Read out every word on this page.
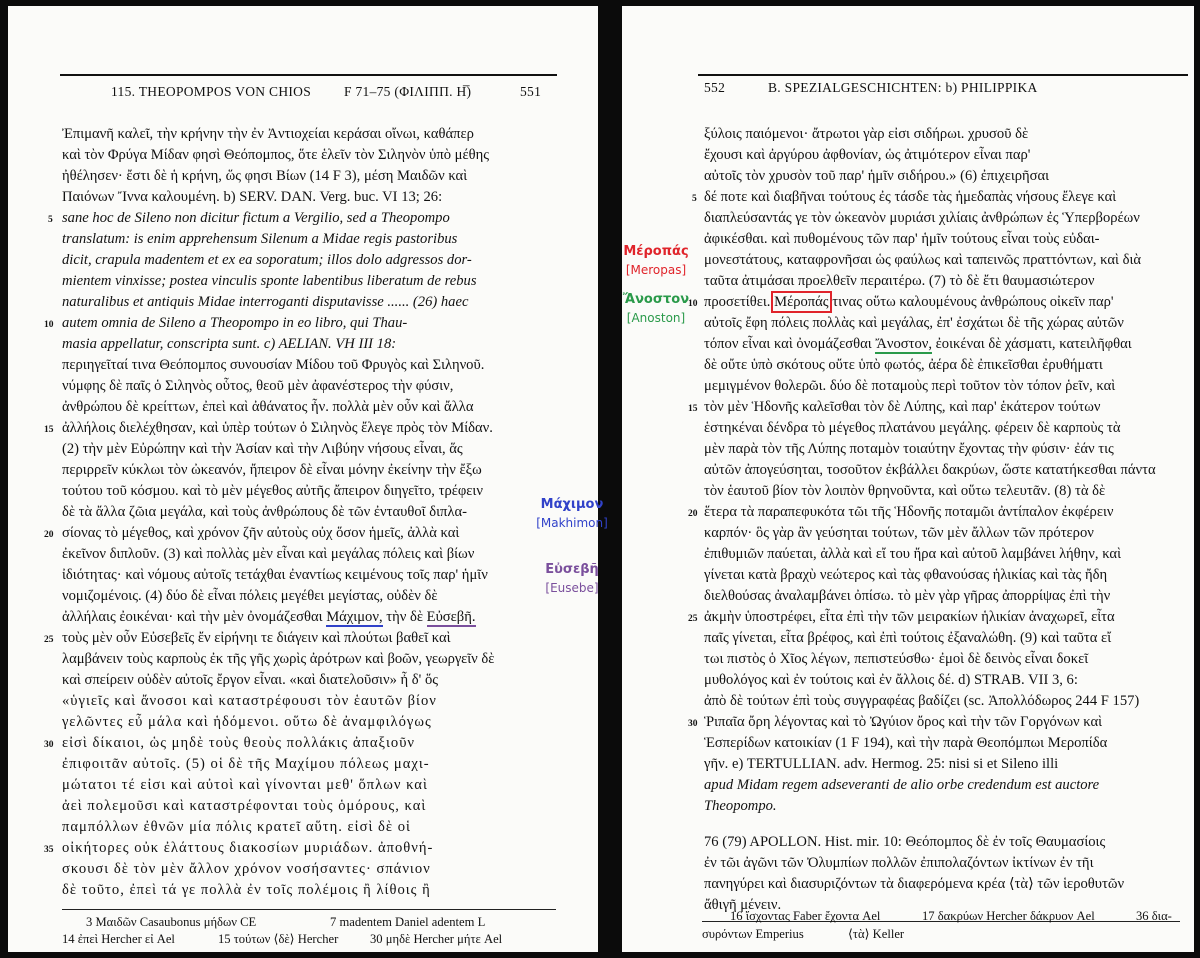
115. THEOPOMPOS VON CHIOS F 71–75 (ΦΙΛΙΠΠ. Η̅)	551
Ἐπιμανῆ καλεῖ, τὴν κρήνην τὴν ἐν Ἀντιοχείαι κεράσαι οἴνωι, καθάπερ
καὶ τὸν Φρύγα Μίδαν φησὶ Θεόπομπος, ὅτε ἑλεῖν τὸν Σιληνὸν ὑπὸ μέθης
ἠθέλησεν· ἔστι δὲ ἡ κρήνη, ὥς φησι Βίων (14 F 3), μέση Μαιδῶν καὶ
Παιόνων Ἴννα καλουμένη. b) SERV. DAN. Verg. buc. VI 13; 26:
sane hoc de Sileno non dicitur fictum a Vergilio, sed a Theopompo
translatum: is enim apprehensum Silenum a Midae regis pastoribus
dicit, crapula madentem et ex ea soporatum; illos dolo adgressos dor-
mientem vinxisse; postea vinculis sponte labentibus liberatum de rebus
naturalibus et antiquis Midae interroganti disputavisse ...... (26) haec
autem omnia de Sileno a Theopompo in eo libro, qui Thau-
masia appellatur, conscripta sunt. c) AELIAN. VH III 18:
περιηγεῖταί τινα Θεόπομπος συνουσίαν Μίδου τοῦ Φρυγὸς καὶ Σιληνοῦ.
νύμφης δὲ παῖς ὁ Σιληνὸς οὗτος, θεοῦ μὲν ἀφανέστερος τὴν φύσιν,
ἀνθρώπου δὲ κρείττων, ἐπεὶ καὶ ἀθάνατος ἦν. πολλὰ μὲν οὖν καὶ ἄλλα
ἀλλήλοις διελέχθησαν, καὶ ὑπὲρ τούτων ὁ Σιληνὸς ἔλεγε πρὸς τὸν Μίδαν.
(2) τὴν μὲν Εὐρώπην καὶ τὴν Ἀσίαν καὶ τὴν Λιβύην νήσους εἶναι, ἅς
περιρρεῖν κύκλωι τὸν ὠκεανόν, ἤπειρον δὲ εἶναι μόνην ἐκείνην τὴν ἔξω
τούτου τοῦ κόσμου. καὶ τὸ μὲν μέγεθος αὐτῆς ἄπειρον διηγεῖτο, τρέφειν
δὲ τὰ ἄλλα ζῶια μεγάλα, καὶ τοὺς ἀνθρώπους δὲ τῶν ἐνταυθοῖ διπλα-
σίονας τὸ μέγεθος, καὶ χρόνον ζῆν αὐτοὺς οὐχ ὅσον ἡμεῖς, ἀλλὰ καὶ
ἐκεῖνον διπλοῦν. (3) καὶ πολλὰς μὲν εἶναι καὶ μεγάλας πόλεις καὶ βίων
ἰδιότητας· καὶ νόμους αὐτοῖς τετάχθαι ἐναντίως κειμένους τοῖς παρ' ἡμῖν
νομιζομένοις. (4) δύο δὲ εἶναι πόλεις μεγέθει μεγίστας, οὐδὲν δὲ
ἀλλήλαις ἐοικέναι· καὶ τὴν μὲν ὀνομάζεσθαι Μάχιμον, τὴν δὲ Εὐσεβῆ.
τοὺς μὲν οὖν Εὐσεβεῖς ἔν εἰρήνηι τε διάγειν καὶ πλούτωι βαθεῖ καὶ
λαμβάνειν τοὺς καρποὺς ἐκ τῆς γῆς χωρὶς ἀρότρων καὶ βοῶν, γεωργεῖν δὲ
καὶ σπείρειν οὐδὲν αὐτοῖς ἔργον εἶναι. «καὶ διατελοῦσιν» ἦ δ' ὅς
«ὑγιεῖς καὶ ἄνοσοι καὶ καταστρέφουσι τὸν ἑαυτῶν βίον
γελῶντες εὖ μάλα καὶ ἡδόμενοι. οὕτω δὲ ἀναμφιλόγως
εἰσὶ δίκαιοι, ὡς μηδὲ τοὺς θεοὺς πολλάκις ἀπαξιοῦν
ἐπιφοιτᾶν αὐτοῖς. (5) οἱ δὲ τῆς Μαχίμου πόλεως μαχι-
μώτατοι τέ εἰσι καὶ αὐτοὶ καὶ γίνονται μεθ' ὅπλων καὶ
ἀεὶ πολεμοῦσι καὶ καταστρέφονται τοὺς ὁμόρους, καὶ
παμπόλλων ἐθνῶν μία πόλις κρατεῖ αὕτη. εἰσὶ δὲ οἱ
οἰκήτορες οὐκ ἐλάττους διακοσίων μυριάδων. ἀποθνή-
σκουσι δὲ τὸν μὲν ἄλλον χρόνον νοσήσαντες· σπάνιον
δὲ τοῦτο, ἐπεὶ τά γε πολλὰ ἐν τοῖς πολέμοις ἢ λίθοις ἢ
5
10
15
20
25
30
35
3 Μαιδῶν Casaubonus μήδων CE	7 madentem Daniel adentem L
14 ἐπεὶ Hercher εἰ Ael	15 τούτων ⟨δὲ⟩ Hercher	30 μηδὲ Hercher μήτε Ael
552	B. SPEZIALGESCHICHTEN: b) PHILIPPIKA
ξύλοις παιόμενοι· ἄτρωτοι γὰρ εἰσι σιδήρωι. χρυσοῦ δὲ
ἔχουσι καὶ ἀργύρου ἀφθονίαν, ὡς ἀτιμότερον εἶναι παρ'
αὐτοῖς τὸν χρυσὸν τοῦ παρ' ἡμῖν σιδήρου.» (6) ἐπιχειρῆσαι
δέ ποτε καὶ διαβῆναι τούτους ἐς τάσδε τὰς ἡμεδαπὰς νήσους ἔλεγε καὶ
διαπλεύσαντάς γε τὸν ὠκεανὸν μυριάσι χιλίαις ἀνθρώπων ἐς Ὑπερβορέων
ἀφικέσθαι. καὶ πυθομένους τῶν παρ' ἡμῖν τούτους εἶναι τοὺς εὐδαι-
μονεστάτους, καταφρονῆσαι ὡς φαύλως καὶ ταπεινῶς πραττόντων, καὶ διὰ
ταῦτα ἀτιμάσαι προελθεῖν περαιτέρω. (7) τὸ δὲ ἔτι θαυμασιώτερον
προσετίθει. Μέροπάς τινας οὕτω καλουμένους ἀνθρώπους οἰκεῖν παρ'
αὐτοῖς ἔφη πόλεις πολλὰς καὶ μεγάλας, ἐπ' ἐσχάτωι δὲ τῆς χώρας αὐτῶν
τόπον εἶναι καὶ ὀνομάζεσθαι Ἄνοστον, ἐοικέναι δὲ χάσματι, κατειλῆφθαι
δὲ οὔτε ὑπὸ σκότους οὔτε ὑπὸ φωτός, ἀέρα δὲ ἐπικεῖσθαι ἐρυθήματι
μεμιγμένον θολερῶι. δύο δὲ ποταμοὺς περὶ τοῦτον τὸν τόπον ῥεῖν, καὶ
τὸν μὲν Ἡδονῆς καλεῖσθαι τὸν δὲ Λύπης, καὶ παρ' ἑκάτερον τούτων
ἑστηκέναι δένδρα τὸ μέγεθος πλατάνου μεγάλης. φέρειν δὲ καρποὺς τὰ
μὲν παρὰ τὸν τῆς Λύπης ποταμὸν τοιαύτην ἔχοντας τὴν φύσιν· ἐάν τις
αὐτῶν ἀπογεύσηται, τοσοῦτον ἐκβάλλει δακρύων, ὥστε κατατήκεσθαι πάντα
τὸν ἑαυτοῦ βίον τὸν λοιπὸν θρηνοῦντα, καὶ οὕτω τελευτᾶν. (8) τὰ δὲ
ἕτερα τὰ παραπεφυκότα τῶι τῆς Ἡδονῆς ποταμῶι ἀντίπαλον ἐκφέρειν
καρπόν· ὃς γὰρ ἂν γεύσηται τούτων, τῶν μὲν ἄλλων τῶν πρότερον
ἐπιθυμιῶν παύεται, ἀλλὰ καὶ εἴ του ἤρα καὶ αὐτοῦ λαμβάνει λήθην, καὶ
γίνεται κατὰ βραχὺ νεώτερος καὶ τὰς φθανούσας ἡλικίας καὶ τὰς ἤδη
διελθούσας ἀναλαμβάνει ὀπίσω. τὸ μὲν γὰρ γῆρας ἀπορρίψας ἐπὶ τὴν
ἀκμὴν ὑποστρέφει, εἶτα ἐπὶ τὴν τῶν μειρακίων ἡλικίαν ἀναχωρεῖ, εἶτα
παῖς γίνεται, εἶτα βρέφος, καὶ ἐπὶ τούτοις ἐξαναλώθη. (9) καὶ ταῦτα εἴ
τωι πιστὸς ὁ Χῖος λέγων, πεπιστεύσθω· ἐμοὶ δὲ δεινὸς εἶναι δοκεῖ
μυθολόγος καὶ ἐν τούτοις καὶ ἐν ἄλλοις δέ. d) STRAB. VII 3, 6:
ἀπὸ δὲ τούτων ἐπὶ τοὺς συγγραφέας βαδίζει (sc. Ἀπολλόδωρος 244 F 157)
Ῥιπαῖα ὄρη λέγοντας καὶ τὸ Ὠγύιον ὄρος καὶ τὴν τῶν Γοργόνων καὶ
Ἑσπερίδων κατοικίαν (1 F 194), καὶ τὴν παρὰ Θεοπόμπωι Μεροπίδα
γῆν. e) TERTULLIAN. adv. Hermog. 25: nisi si et Sileno illi
apud Midam regem adseveranti de alio orbe credendum est auctore
Theopompo.
76 (79) APOLLON. Hist. mir. 10: Θεόπομπος δὲ ἐν τοῖς Θαυμασίοις
ἐν τῶι ἀγῶνι τῶν Ὀλυμπίων πολλῶν ἐπιπολαζόντων ἰκτίνων ἐν τῆι
πανηγύρει καὶ διασυριζόντων τὰ διαφερόμενα κρέα ⟨τὰ⟩ τῶν ἱεροθυτῶν
ἄθιγῆ μένειν.
5
10
15
20
25
30
16 ἴσχοντας Faber ἔχοντα Ael	17 δακρύων Hercher δάκρυον Ael	36 δια-
συρόντων Emperius	⟨τὰ⟩ Keller
Μέροπάς
[Meropas]
Ἄνοστον
[Anoston]
Μάχιμον
[Makhimon]
Εὐσεβῆ
[Eusebe]
